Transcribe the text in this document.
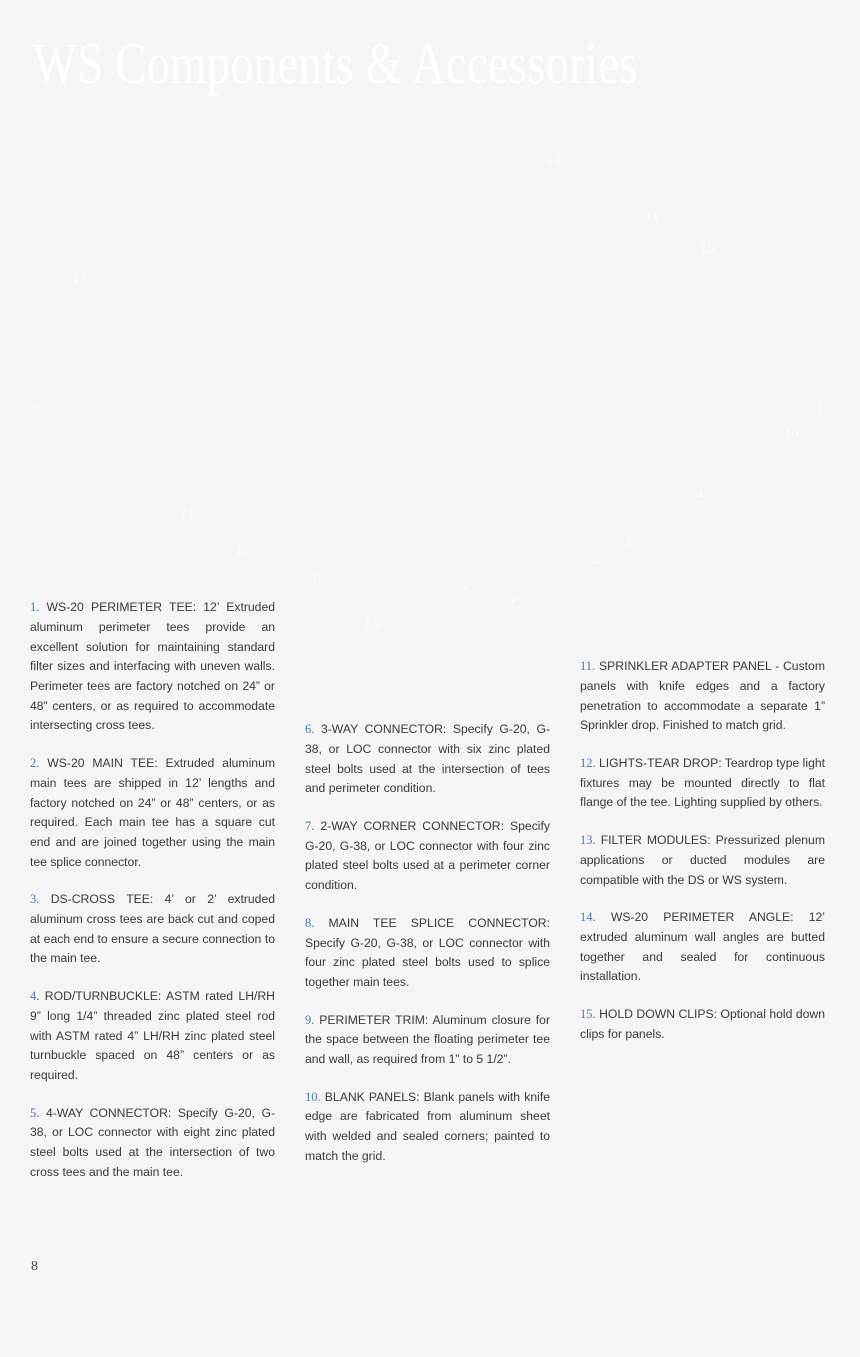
WS Components & Accessories
13
11
15
13	9
7	1
10
4
11
3
8	2
6
5
12
14

1. WS-20 PERIMETER TEE: 12’ Extruded aluminum perimeter tees provide an excellent solution for maintaining standard filter sizes and interfacing with uneven walls. Perimeter tees are factory notched on 24” or 48” centers, or as required to accommodate intersecting cross tees.

2. WS-20 MAIN TEE: Extruded aluminum main tees are shipped in 12’ lengths and factory notched on 24” or 48” centers, or as required. Each main tee has a square cut end and are joined together using the main tee splice connector.

3. DS-CROSS TEE: 4’ or 2’ extruded aluminum cross tees are back cut and coped at each end to ensure a secure connection to the main tee.

4. ROD/TURNBUCKLE: ASTM rated LH/RH 9” long 1/4” threaded zinc plated steel rod with ASTM rated 4” LH/RH zinc plated steel turnbuckle spaced on 48” centers or as required.

5. 4-WAY CONNECTOR: Specify G-20, G-38, or LOC connector with eight zinc plated steel bolts used at the intersection of two cross tees and the main tee.

6. 3-WAY CONNECTOR: Specify G-20, G-38, or LOC connector with six zinc plated steel bolts used at the intersection of tees and perimeter condition.

7. 2-WAY CORNER CONNECTOR: Specify G-20, G-38, or LOC connector with four zinc plated steel bolts used at a perimeter corner condition.

8. MAIN TEE SPLICE CONNECTOR: Specify G-20, G-38, or LOC connector with four zinc plated steel bolts used to splice together main tees.

9. PERIMETER TRIM: Aluminum closure for the space between the floating perimeter tee and wall, as required from 1” to 5 1/2”.

10. BLANK PANELS: Blank panels with knife edge are fabricated from aluminum sheet with welded and sealed corners; painted to match the grid.

11. SPRINKLER ADAPTER PANEL - Custom panels with knife edges and a factory penetration to accommodate a separate 1” Sprinkler drop. Finished to match grid.

12. LIGHTS-TEAR DROP: Teardrop type light fixtures may be mounted directly to flat flange of the tee. Lighting supplied by others.

13. FILTER MODULES: Pressurized plenum applications or ducted modules are compatible with the DS or WS system.

14. WS-20 PERIMETER ANGLE: 12’ extruded aluminum wall angles are butted together and sealed for continuous installation.

15. HOLD DOWN CLIPS: Optional hold down clips for panels.

8
